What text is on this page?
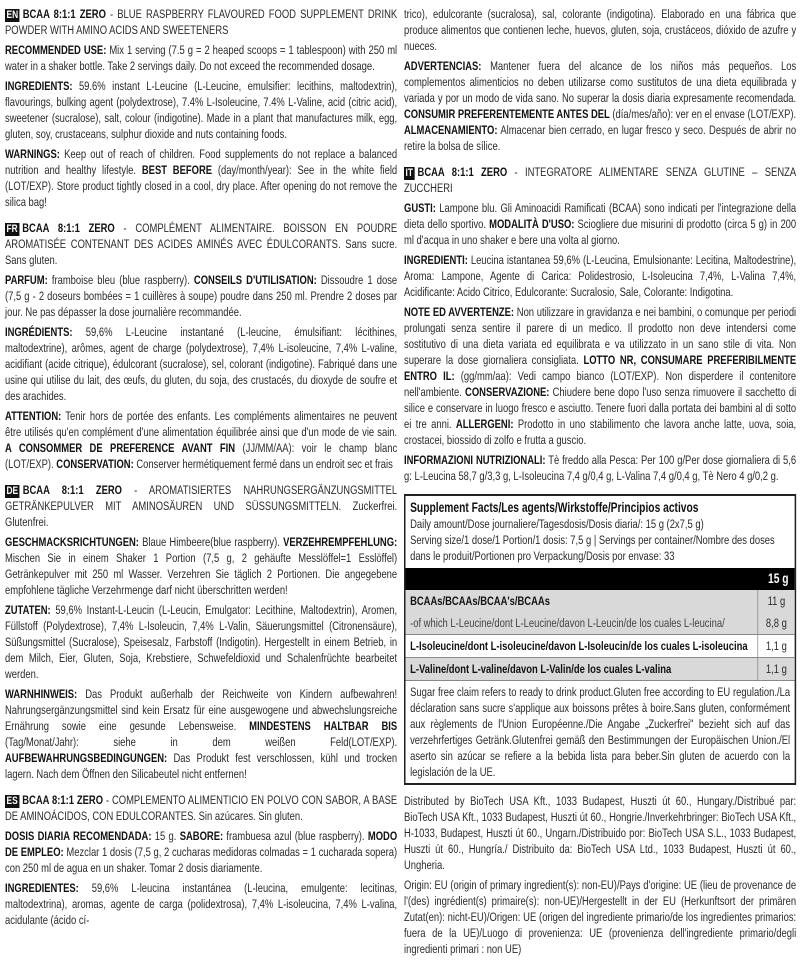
EN BCAA 8:1:1 ZERO - BLUE RASPBERRY FLAVOURED FOOD SUPPLEMENT DRINK POWDER WITH AMINO ACIDS AND SWEETENERS

RECOMMENDED USE: Mix 1 serving (7.5 g = 2 heaped scoops = 1 tablespoon) with 250 ml water in a shaker bottle. Take 2 servings daily. Do not exceed the recommended dosage.

INGREDIENTS: 59.6% instant L-Leucine (L-Leucine, emulsifier: lecithins, maltodextrin), flavourings, bulking agent (polydextrose), 7.4% L-Isoleucine, 7.4% L-Valine, acid (citric acid), sweetener (sucralose), salt, colour (indigotine). Made in a plant that manufactures milk, egg, gluten, soy, crustaceans, sulphur dioxide and nuts containing foods.

WARNINGS: Keep out of reach of children. Food supplements do not replace a balanced nutrition and healthy lifestyle. BEST BEFORE (day/month/year): See in the white field (LOT/EXP). Store product tightly closed in a cool, dry place. After opening do not remove the silica bag!

FR BCAA 8:1:1 ZERO - COMPLÉMENT ALIMENTAIRE. BOISSON EN POUDRE AROMATISÉE CONTENANT DES ACIDES AMINÉS AVEC ÉDULCORANTS. Sans sucre. Sans gluten.

PARFUM: framboise bleu (blue raspberry). CONSEILS D'UTILISATION: Dissoudre 1 dose (7,5 g - 2 doseurs bombées = 1 cuillères à soupe) poudre dans 250 ml. Prendre 2 doses par jour. Ne pas dépasser la dose journalière recommandée.

INGRÉDIENTS: 59,6% L-Leucine instantané (L-leucine, émulsifiant: lécithines, maltodextrine), arômes, agent de charge (polydextrose), 7,4% L-isoleucine, 7,4% L-valine, acidifiant (acide citrique), édulcorant (sucralose), sel, colorant (indigotine). Fabriqué dans une usine qui utilise du lait, des œufs, du gluten, du soja, des crustacés, du dioxyde de soufre et des arachides.

ATTENTION: Tenir hors de portée des enfants. Les compléments alimentaires ne peuvent être utilisés qu'en complément d'une alimentation équilibrée ainsi que d'un mode de vie sain. A CONSOMMER DE PREFERENCE AVANT FIN (JJ/MM/AA): voir le champ blanc (LOT/EXP). CONSERVATION: Conserver hermétiquement fermé dans un endroit sec et frais

DE BCAA 8:1:1 ZERO - AROMATISIERTES NAHRUNGSERGÄNZUNGSMITTEL GETRÄNKEPULVER MIT AMINOSÄUREN UND SÜSSUNGSMITTELN. Zuckerfrei. Glutenfrei.

GESCHMACKSRICHTUNGEN: Blaue Himbeere(blue raspberry). VERZEHREMPFEHLUNG: Mischen Sie in einem Shaker 1 Portion (7,5 g, 2 gehäufte Messlöffel=1 Esslöffel) Getränkepulver mit 250 ml Wasser. Verzehren Sie täglich 2 Portionen. Die angegebene empfohlene tägliche Verzehrmenge darf nicht überschritten werden!

ZUTATEN: 59,6% Instant-L-Leucin (L-Leucin, Emulgator: Lecithine, Maltodextrin), Aromen, Füllstoff (Polydextrose), 7,4% L-Isoleucin, 7,4% L-Valin, Säuerungsmittel (Citronensäure), Süßungsmittel (Sucralose), Speisesalz, Farbstoff (Indigotin). Hergestellt in einem Betrieb, in dem Milch, Eier, Gluten, Soja, Krebstiere, Schwefeldioxid und Schalenfrüchte bearbeitet werden.

WARNHINWEIS: Das Produkt außerhalb der Reichweite von Kindern aufbewahren! Nahrungsergänzungsmittel sind kein Ersatz für eine ausgewogene und abwechslungsreiche Ernährung sowie eine gesunde Lebensweise. MINDESTENS HALTBAR BIS (Tag/Monat/Jahr): siehe in dem weißen Feld(LOT/EXP). AUFBEWAHRUNGSBEDINGUNGEN: Das Produkt fest verschlossen, kühl und trocken lagern. Nach dem Öffnen den Silicabeutel nicht entfernen!

ES BCAA 8:1:1 ZERO - COMPLEMENTO ALIMENTICIO EN POLVO CON SABOR, A BASE DE AMINOÁCIDOS, CON EDULCORANTES. Sin azúcares. Sin gluten.

DOSIS DIARIA RECOMENDADA: 15 g. SABORE: frambuesa azul (blue raspberry). MODO DE EMPLEO: Mezclar 1 dosis (7,5 g, 2 cucharas medidoras colmadas = 1 cucharada sopera) con 250 ml de agua en un shaker. Tomar 2 dosis diariamente.

INGREDIENTES: 59,6% L-leucina instantánea (L-leucina, emulgente: lecitinas, maltodextrina), aromas, agente de carga (polidextrosa), 7,4% L-isoleucina, 7,4% L-valina, acidulante (ácido cí-

trico), edulcorante (sucralosa), sal, colorante (indigotina). Elaborado en una fábrica que produce alimentos que contienen leche, huevos, gluten, soja, crustáceos, dióxido de azufre y nueces.

ADVERTENCIAS: Mantener fuera del alcance de los niños más pequeños. Los complementos alimenticios no deben utilizarse como sustitutos de una dieta equilibrada y variada y por un modo de vida sano. No superar la dosis diaria expresamente recomendada. CONSUMIR PREFERENTEMENTE ANTES DEL (día/mes/año): ver en el envase (LOT/EXP). ALMACENAMIENTO: Almacenar bien cerrado, en lugar fresco y seco. Después de abrir no retire la bolsa de sílice.

IT BCAA 8:1:1 ZERO - INTEGRATORE ALIMENTARE SENZA GLUTINE – SENZA ZUCCHERI

GUSTI: Lampone blu. Gli Aminoacidi Ramificati (BCAA) sono indicati per l'integrazione della dieta dello sportivo. MODALITÀ D'USO: Sciogliere due misurini di prodotto (circa 5 g) in 200 ml d'acqua in uno shaker e bere una volta al giorno.

INGREDIENTI: Leucina istantanea 59,6% (L-Leucina, Emulsionante: Lecitina, Maltodestrine), Aroma: Lampone, Agente di Carica: Polidestrosio, L-Isoleucina 7,4%, L-Valina 7,4%, Acidificante: Acido Citrico, Edulcorante: Sucralosio, Sale, Colorante: Indigotina.

NOTE ED AVVERTENZE: Non utilizzare in gravidanza e nei bambini, o comunque per periodi prolungati senza sentire il parere di un medico. Il prodotto non deve intendersi come sostitutivo di una dieta variata ed equilibrata e va utilizzato in un sano stile di vita. Non superare la dose giornaliera consigliata. LOTTO NR, CONSUMARE PREFERIBILMENTE ENTRO IL: (gg/mm/aa): Vedi campo bianco (LOT/EXP). Non disperdere il contenitore nell'ambiente. CONSERVAZIONE: Chiudere bene dopo l'uso senza rimuovere il sacchetto di silice e conservare in luogo fresco e asciutto. Tenere fuori dalla portata dei bambini al di sotto ei tre anni. ALLERGENI: Prodotto in uno stabilimento che lavora anche latte, uova, soia, crostacei, biossido di zolfo e frutta a guscio.

INFORMAZIONI NUTRIZIONALI: Tè freddo alla Pesca: Per 100 g/Per dose giornaliera di 5,6 g: L-Leucina 58,7 g/3,3 g, L-Isoleucina 7,4 g/0,4 g, L-Valina 7,4 g/0,4 g, Tè Nero 4 g/0,2 g.

Supplement Facts/Les agents/Wirkstoffe/Principios activos
Daily amount/Dose journaliere/Tagesdosis/Dosis diaria/: 15 g (2x7,5 g)
Serving size/1 dose/1 Portion/1 dosis: 7,5 g | Servings per container/Nombre des doses dans le produit/Portionen pro Verpackung/Dosis por envase: 33
15 g
BCAAs/BCAAs/BCAA's/BCAAs	11 g
-of which L-Leucine/dont L-Leucine/davon L-Leucin/de los cuales L-leucina/	8,8 g
L-Isoleucine/dont L-isoleucine/davon L-Isoleucin/de los cuales L-isoleucina	1,1 g
L-Valine/dont L-valine/davon L-Valin/de los cuales L-valina	1,1 g
Sugar free claim refers to ready to drink product.Gluten free according to EU regulation./La déclaration sans sucre s'applique aux boissons prêtes à boire.Sans gluten, conformément aux règlements de l'Union Européenne./Die Angabe „Zuckerfrei" bezieht sich auf das verzehrfertiges Getränk.Glutenfrei gemäß den Bestimmungen der Europäischen Union./El aserto sin azúcar se refiere a la bebida lista para beber.Sin gluten de acuerdo con la legislación de la UE.

Distributed by BioTech USA Kft., 1033 Budapest, Huszti út 60., Hungary./Distribué par: BioTech USA Kft., 1033 Budapest, Huszti út 60., Hongrie./Inverkehrbringer: BioTech USA Kft., H-1033, Budapest, Huszti út 60., Ungarn./Distribuido por: BioTech USA S.L., 1033 Budapest, Huszti út 60., Hungría./ Distribuito da: BioTech USA Ltd., 1033 Budapest, Huszti út 60., Ungheria.

Origin: EU (origin of primary ingredient(s): non-EU)/Pays d'origine: UE (lieu de provenance de l'(des) ingrédient(s) primaire(s): non-UE)/Hergestellt in der EU (Herkunftsort der primären Zutat(en): nicht-EU)/Origen: UE (origen del ingrediente primario/de los ingredientes primarios: fuera de la UE)/Luogo di provenienza: UE (provenienza dell'ingrediente primario/degli ingredienti primari : non UE)
